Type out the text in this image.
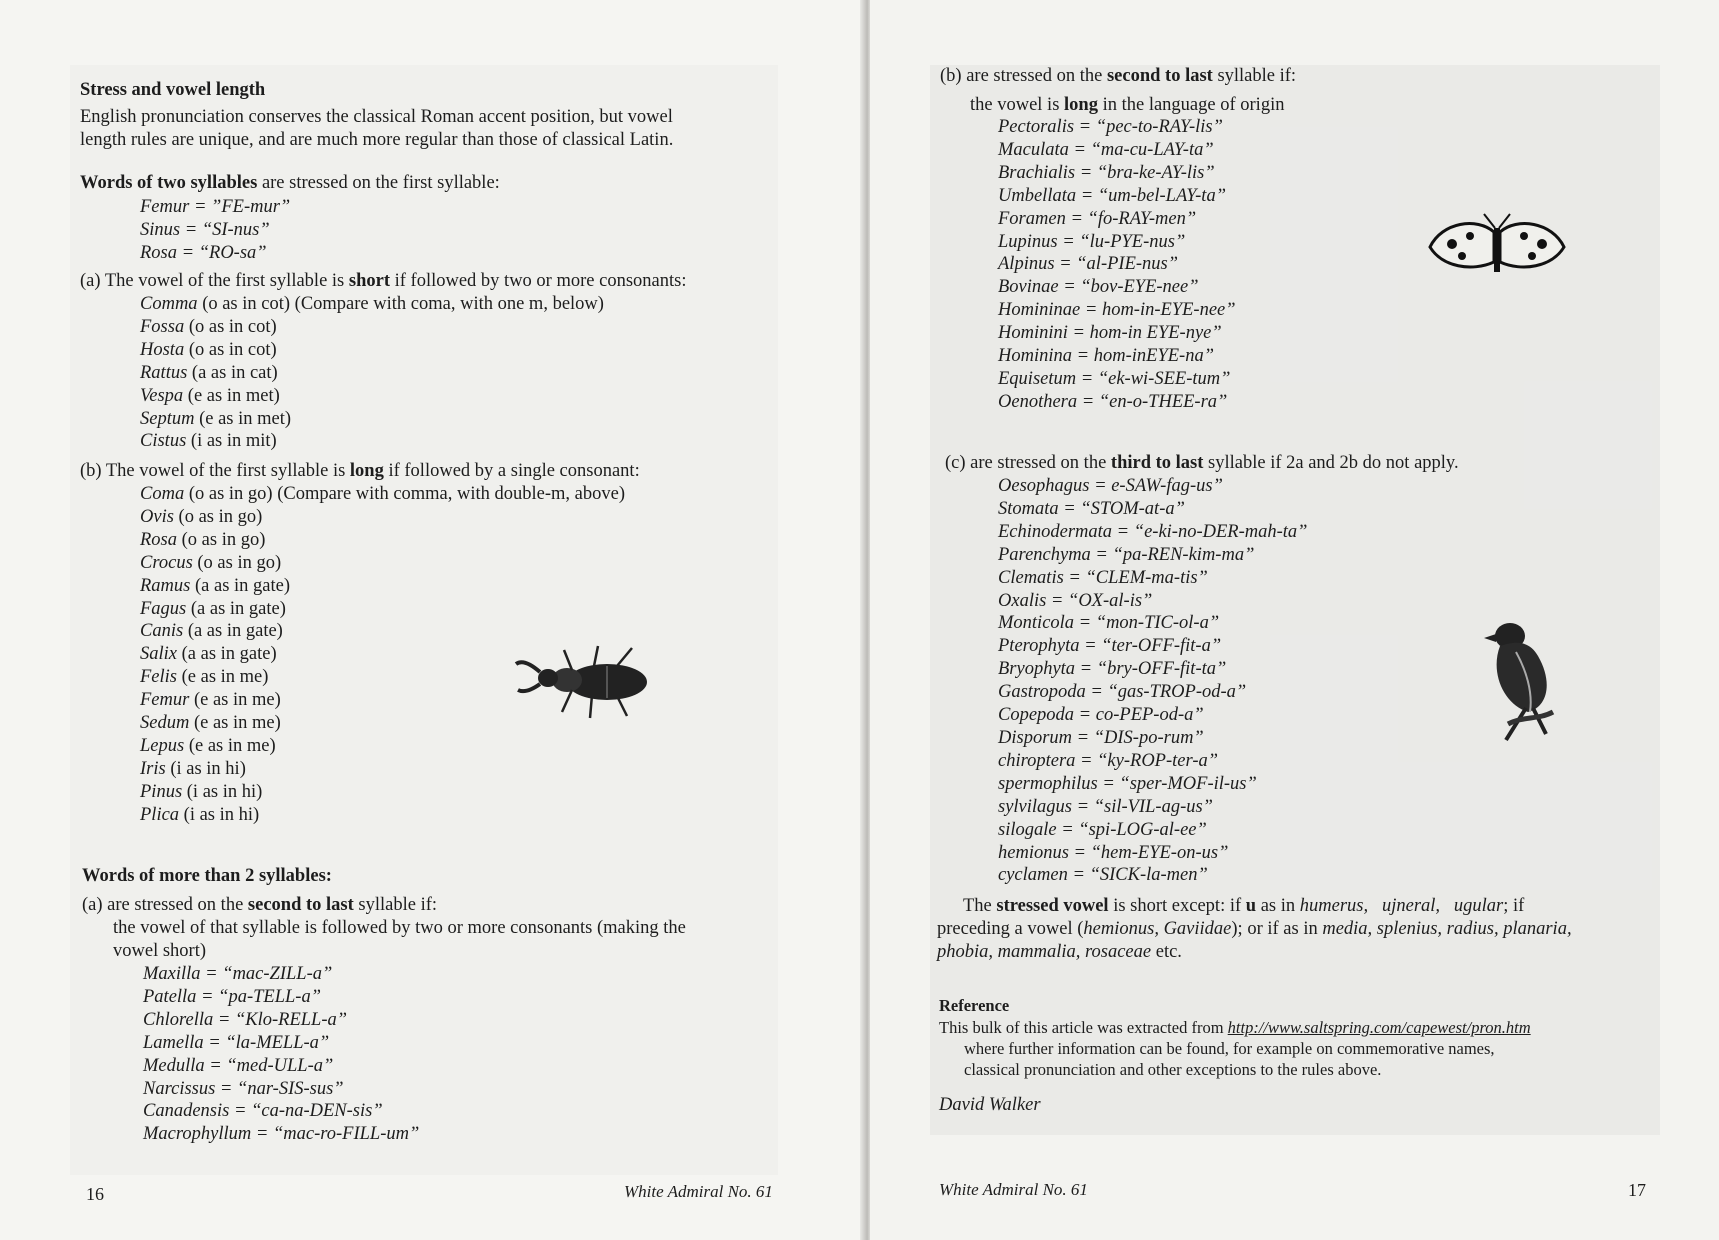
Stress and vowel length
English pronunciation conserves the classical Roman accent position, but vowel
length rules are unique, and are much more regular than those of classical Latin.
Words of two syllables are stressed on the first syllable:
Femur = ”FE-mur”
Sinus = “SI-nus”
Rosa = “RO-sa”
(a) The vowel of the first syllable is short if followed by two or more consonants:
Comma (o as in cot) (Compare with coma, with one m, below)
Fossa (o as in cot)
Hosta (o as in cot)
Rattus (a as in cat)
Vespa (e as in met)
Septum (e as in met)
Cistus (i as in mit)
(b) The vowel of the first syllable is long if followed by a single consonant:
Coma (o as in go) (Compare with comma, with double-m, above)
Ovis (o as in go)
Rosa (o as in go)
Crocus (o as in go)
Ramus (a as in gate)
Fagus (a as in gate)
Canis (a as in gate)
Salix (a as in gate)
Felis (e as in me)
Femur (e as in me)
Sedum (e as in me)
Lepus (e as in me)
Iris (i as in hi)
Pinus (i as in hi)
Plica (i as in hi)
Words of more than 2 syllables:
(a) are stressed on the second to last syllable if:
the vowel of that syllable is followed by two or more consonants (making the
vowel short)
Maxilla = “mac-ZILL-a”
Patella = “pa-TELL-a”
Chlorella = “Klo-RELL-a”
Lamella = “la-MELL-a”
Medulla = “med-ULL-a”
Narcissus = “nar-SIS-sus”
Canadensis = “ca-na-DEN-sis”
Macrophyllum = “mac-ro-FILL-um”
16	White Admiral No. 61
(b) are stressed on the second to last syllable if:
the vowel is long in the language of origin
Pectoralis = “pec-to-RAY-lis”
Maculata = “ma-cu-LAY-ta”
Brachialis = “bra-ke-AY-lis”
Umbellata = “um-bel-LAY-ta”
Foramen = “fo-RAY-men”
Lupinus = “lu-PYE-nus”
Alpinus = “al-PIE-nus”
Bovinae = “bov-EYE-nee”
Homininae = hom-in-EYE-nee”
Hominini = hom-in EYE-nye”
Hominina = hom-inEYE-na”
Equisetum = “ek-wi-SEE-tum”
Oenothera = “en-o-THEE-ra”
(c) are stressed on the third to last syllable if 2a and 2b do not apply.
Oesophagus = e-SAW-fag-us”
Stomata = “STOM-at-a”
Echinodermata = “e-ki-no-DER-mah-ta”
Parenchyma = “pa-REN-kim-ma”
Clematis = “CLEM-ma-tis”
Oxalis = “OX-al-is”
Monticola = “mon-TIC-ol-a”
Pterophyta = “ter-OFF-fit-a”
Bryophyta = “bry-OFF-fit-ta”
Gastropoda = “gas-TROP-od-a”
Copepoda = co-PEP-od-a”
Disporum = “DIS-po-rum”
chiroptera = “ky-ROP-ter-a”
spermophilus = “sper-MOF-il-us”
sylvilagus = “sil-VIL-ag-us”
silogale = “spi-LOG-al-ee”
hemionus = “hem-EYE-on-us”
cyclamen = “SICK-la-men”
The stressed vowel is short except: if u as in humerus,   ujneral,   ugular; if
preceding a vowel (hemionus, Gaviidae); or if as in media, splenius, radius, planaria,
phobia, mammalia, rosaceae etc.
Reference
This bulk of this article was extracted from http://www.saltspring.com/capewest/pron.htm
where further information can be found, for example on commemorative names,
classical pronunciation and other exceptions to the rules above.
David Walker
White Admiral No. 61	17
